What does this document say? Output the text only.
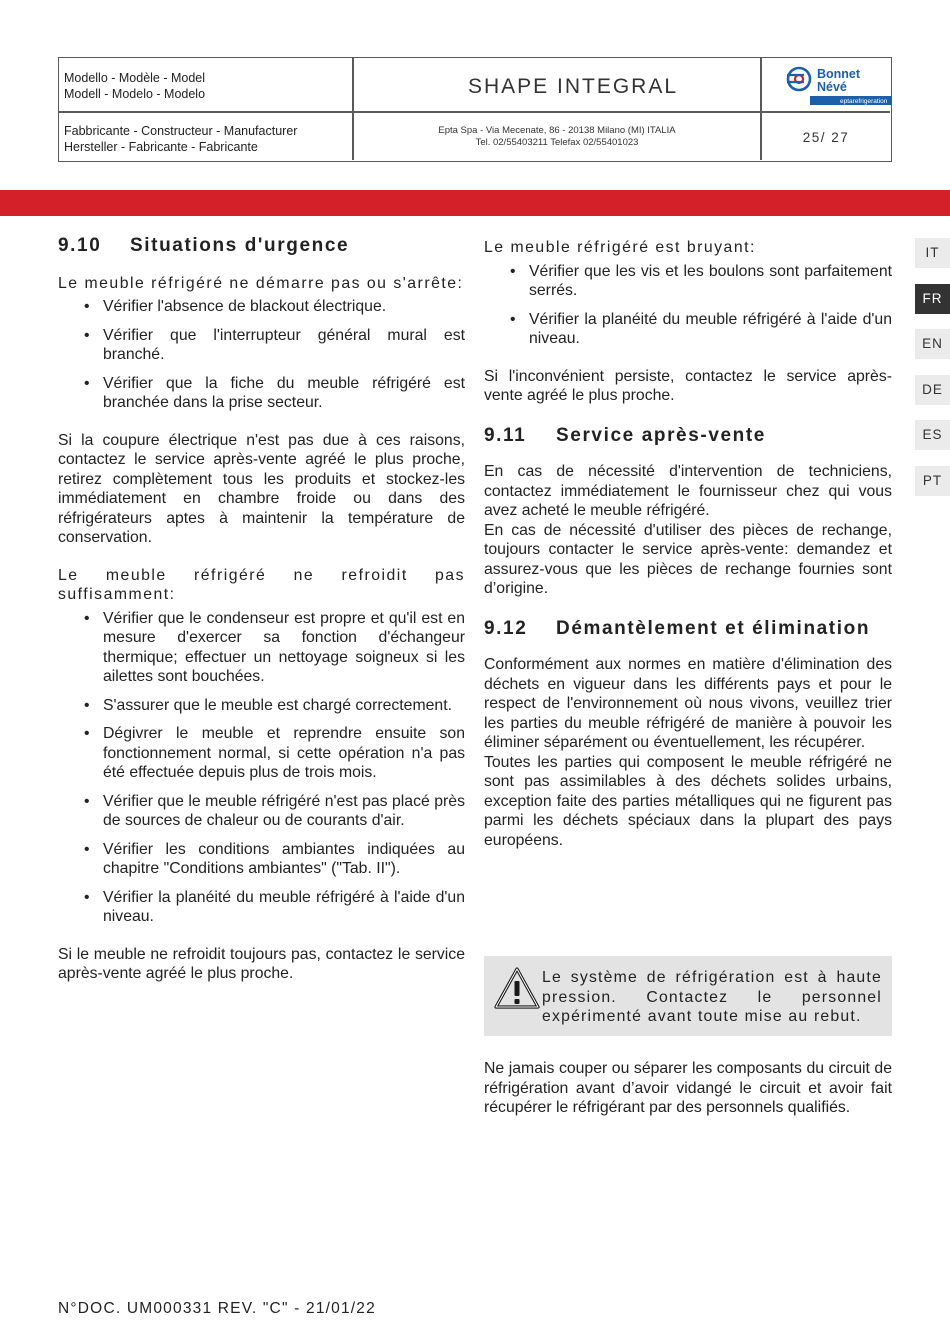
Modello - Modèle - Model
Modell - Modelo - Modelo	SHAPE INTEGRAL
Bonnet
Névé
eptarefrigeration
Fabbricante - Constructeur - Manufacturer
Hersteller - Fabricante - Fabricante
Epta Spa - Via Mecenate, 86 - 20138 Milano (MI) ITALIA
Tel. 02/55403211 Telefax 02/55401023	25/ 27
IT
FR
EN
DE
ES
PT
9.10 Situations d'urgence

Le meuble réfrigéré ne démarre pas ou s'arrête:

• Vérifier l'absence de blackout électrique.
• Vérifier que l'interrupteur général mural est branché.
• Vérifier que la fiche du meuble réfrigéré est branchée dans la prise secteur.

Si la coupure électrique n'est pas due à ces raisons, contactez le service après-vente agréé le plus proche, retirez complètement tous les produits et stockez-les immédiatement en chambre froide ou dans des réfrigérateurs aptes à maintenir la température de conservation.

Le meuble réfrigéré ne refroidit pas suffisamment:

• Vérifier que le condenseur est propre et qu'il est en mesure d'exercer sa fonction d'échangeur thermique; effectuer un nettoyage soigneux si les ailettes sont bouchées.
• S'assurer que le meuble est chargé correctement.
• Dégivrer le meuble et reprendre ensuite son fonctionnement normal, si cette opération n'a pas été effectuée depuis plus de trois mois.
• Vérifier que le meuble réfrigéré n'est pas placé près de sources de chaleur ou de courants d'air.
• Vérifier les conditions ambiantes indiquées au chapitre "Conditions ambiantes" ("Tab. II").
• Vérifier la planéité du meuble réfrigéré à l'aide d'un niveau.

Si le meuble ne refroidit toujours pas, contactez le service après-vente agréé le plus proche.

Le meuble réfrigéré est bruyant:

• Vérifier que les vis et les boulons sont parfaitement serrés.
• Vérifier la planéité du meuble réfrigéré à l'aide d'un niveau.

Si l'inconvénient persiste, contactez le service après-vente agréé le plus proche.

9.11 Service après-vente

En cas de nécessité d'intervention de techniciens, contactez immédiatement le fournisseur chez qui vous avez acheté le meuble réfrigéré.

En cas de nécessité d'utiliser des pièces de rechange, toujours contacter le service après-vente: demandez et assurez-vous que les pièces de rechange fournies sont d’origine.

9.12 Démantèlement et élimination

Conformément aux normes en matière d'élimination des déchets en vigueur dans les différents pays et pour le respect de l'environnement où nous vivons, veuillez trier les parties du meuble réfrigéré de manière à pouvoir les éliminer séparément ou éventuellement, les récupérer.

Toutes les parties qui composent le meuble réfrigéré ne sont pas assimilables à des déchets solides urbains, exception faite des parties métalliques qui ne figurent pas parmi les déchets spéciaux dans la plupart des pays européens.

Le système de réfrigération est à haute pression. Contactez le personnel expérimenté avant toute mise au rebut.

Ne jamais couper ou séparer les composants du circuit de réfrigération avant d’avoir vidangé le circuit et avoir fait récupérer le réfrigérant par des personnels qualifiés.

N°DOC. UM000331 REV. "C" - 21/01/22
